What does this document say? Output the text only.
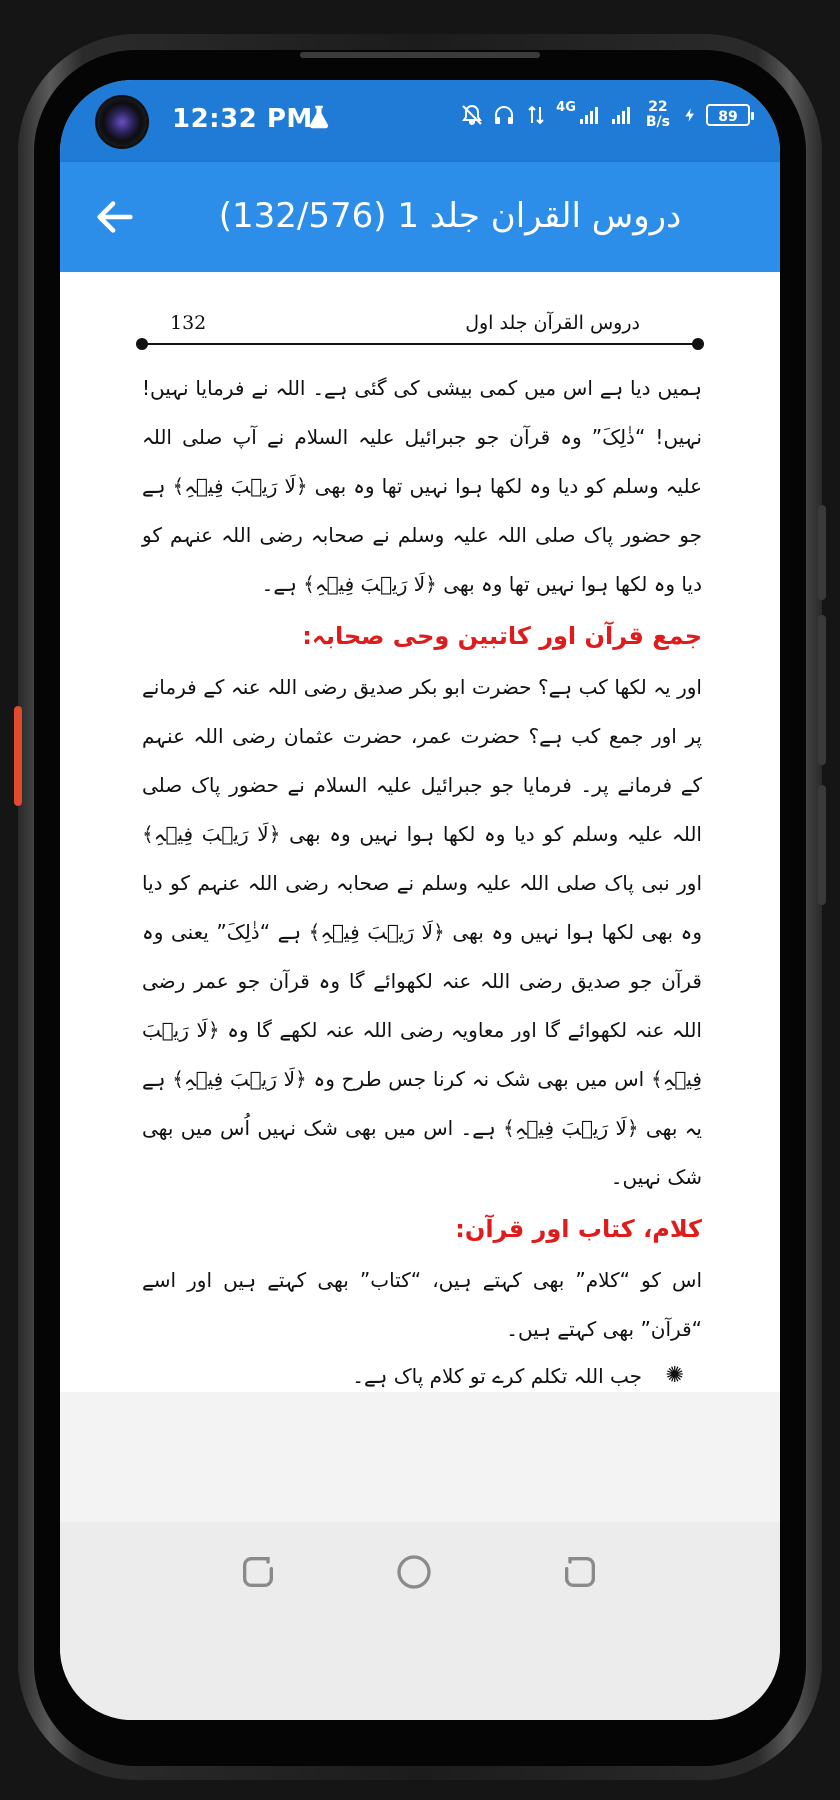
12:32 PM	4G	22
B/s	89
دروس القران جلد 1 (132/576)
132	دروس القرآن جلد اول

ہمیں دیا ہے اس میں کمی بیشی کی گئی ہے۔ اللہ نے فرمایا نہیں! نہیں! “ذٰلِکَ” وہ قرآن جو جبرائیل علیہ السلام نے آپ صلی اللہ علیہ وسلم کو دیا وہ لکھا ہوا نہیں تھا وہ بھی ﴿لَا رَیۡبَ فِیۡہِ﴾ ہے جو حضور پاک صلی اللہ علیہ وسلم نے صحابہ رضی اللہ عنہم کو دیا وہ لکھا ہوا نہیں تھا وہ بھی ﴿لَا رَیۡبَ فِیۡہِ﴾ ہے۔

جمع قرآن اور کاتبین وحی صحابہ:

اور یہ لکھا کب ہے؟ حضرت ابو بکر صدیق رضی اللہ عنہ کے فرمانے پر اور جمع کب ہے؟ حضرت عمر، حضرت عثمان رضی اللہ عنہم کے فرمانے پر۔ فرمایا جو جبرائیل علیہ السلام نے حضور پاک صلی اللہ علیہ وسلم کو دیا وہ لکھا ہوا نہیں وہ بھی ﴿لَا رَیۡبَ فِیۡہِ﴾ اور نبی پاک صلی اللہ علیہ وسلم نے صحابہ رضی اللہ عنہم کو دیا وہ بھی لکھا ہوا نہیں وہ بھی ﴿لَا رَیۡبَ فِیۡہِ﴾ ہے “ذٰلِکَ” یعنی وہ قرآن جو صدیق رضی اللہ عنہ لکھوائے گا وہ قرآن جو عمر رضی اللہ عنہ لکھوائے گا اور معاویہ رضی اللہ عنہ لکھے گا وہ ﴿لَا رَیۡبَ فِیۡہِ﴾ اس میں بھی شک نہ کرنا جس طرح وہ ﴿لَا رَیۡبَ فِیۡہِ﴾ ہے یہ بھی ﴿لَا رَیۡبَ فِیۡہِ﴾ ہے۔ اس میں بھی شک نہیں اُس میں بھی شک نہیں۔

کلام، کتاب اور قرآن:

اس کو “کلام” بھی کہتے ہیں، “کتاب” بھی کہتے ہیں اور اسے “قرآن” بھی کہتے ہیں۔

✺
جب اللہ تکلم کرے تو کلام پاک ہے۔
